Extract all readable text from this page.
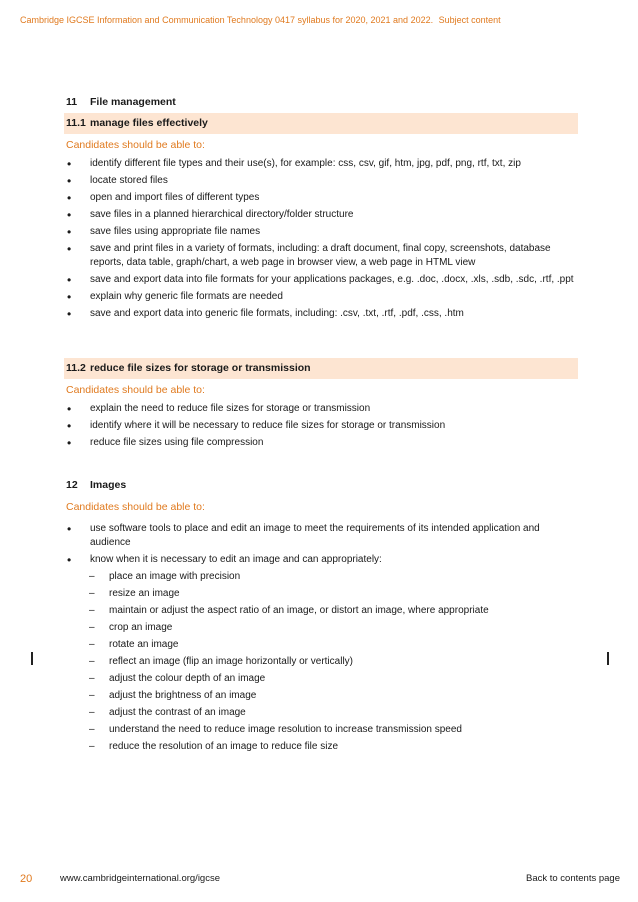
Cambridge IGCSE Information and Communication Technology 0417 syllabus for 2020, 2021 and 2022. Subject content
11 File management
11.1 manage files effectively
Candidates should be able to:
• identify different file types and their use(s), for example: css, csv, gif, htm, jpg, pdf, png, rtf, txt, zip
• locate stored files
• open and import files of different types
• save files in a planned hierarchical directory/folder structure
• save files using appropriate file names
• save and print files in a variety of formats, including: a draft document, final copy, screenshots, database reports, data table, graph/chart, a web page in browser view, a web page in HTML view
• save and export data into file formats for your applications packages, e.g. .doc, .docx, .xls, .sdb, .sdc, .rtf, .ppt
• explain why generic file formats are needed
• save and export data into generic file formats, including: .csv, .txt, .rtf, .pdf, .css, .htm
11.2 reduce file sizes for storage or transmission
Candidates should be able to:
• explain the need to reduce file sizes for storage or transmission
• identify where it will be necessary to reduce file sizes for storage or transmission
• reduce file sizes using file compression
12 Images
Candidates should be able to:
• use software tools to place and edit an image to meet the requirements of its intended application and audience
• know when it is necessary to edit an image and can appropriately:
– place an image with precision
– resize an image
– maintain or adjust the aspect ratio of an image, or distort an image, where appropriate
– crop an image
– rotate an image
– reflect an image (flip an image horizontally or vertically)
– adjust the colour depth of an image
– adjust the brightness of an image
– adjust the contrast of an image
– understand the need to reduce image resolution to increase transmission speed
– reduce the resolution of an image to reduce file size
20	www.cambridgeinternational.org/igcse	Back to contents page
